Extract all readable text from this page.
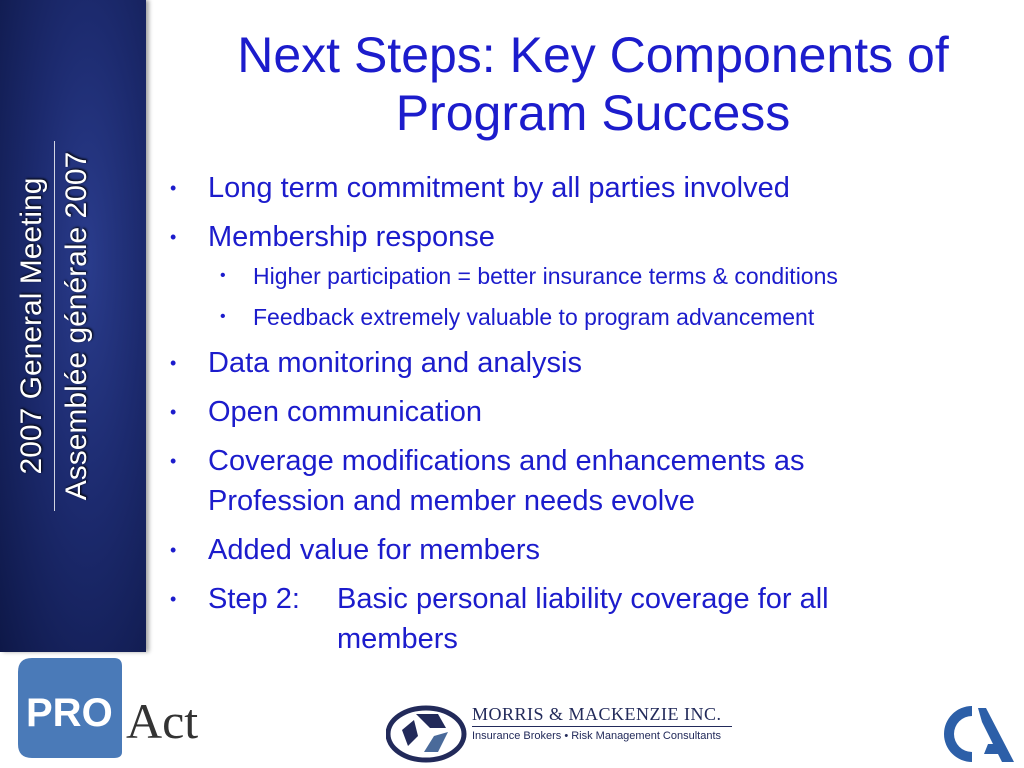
2007 General Meeting Assemblée générale 2007
Next Steps: Key Components of
Program Success
• Long term commitment by all parties involved
• Membership response
• Higher participation = better insurance terms & conditions
• Feedback extremely valuable to program advancement
• Data monitoring and analysis
• Open communication
• Coverage modifications and enhancements as
Profession and member needs evolve
• Added value for members
• Step 2: Basic personal liability coverage for all
members
PRO Act	MORRIS & MACKENZIE INC.
Insurance Brokers • Risk Management Consultants
